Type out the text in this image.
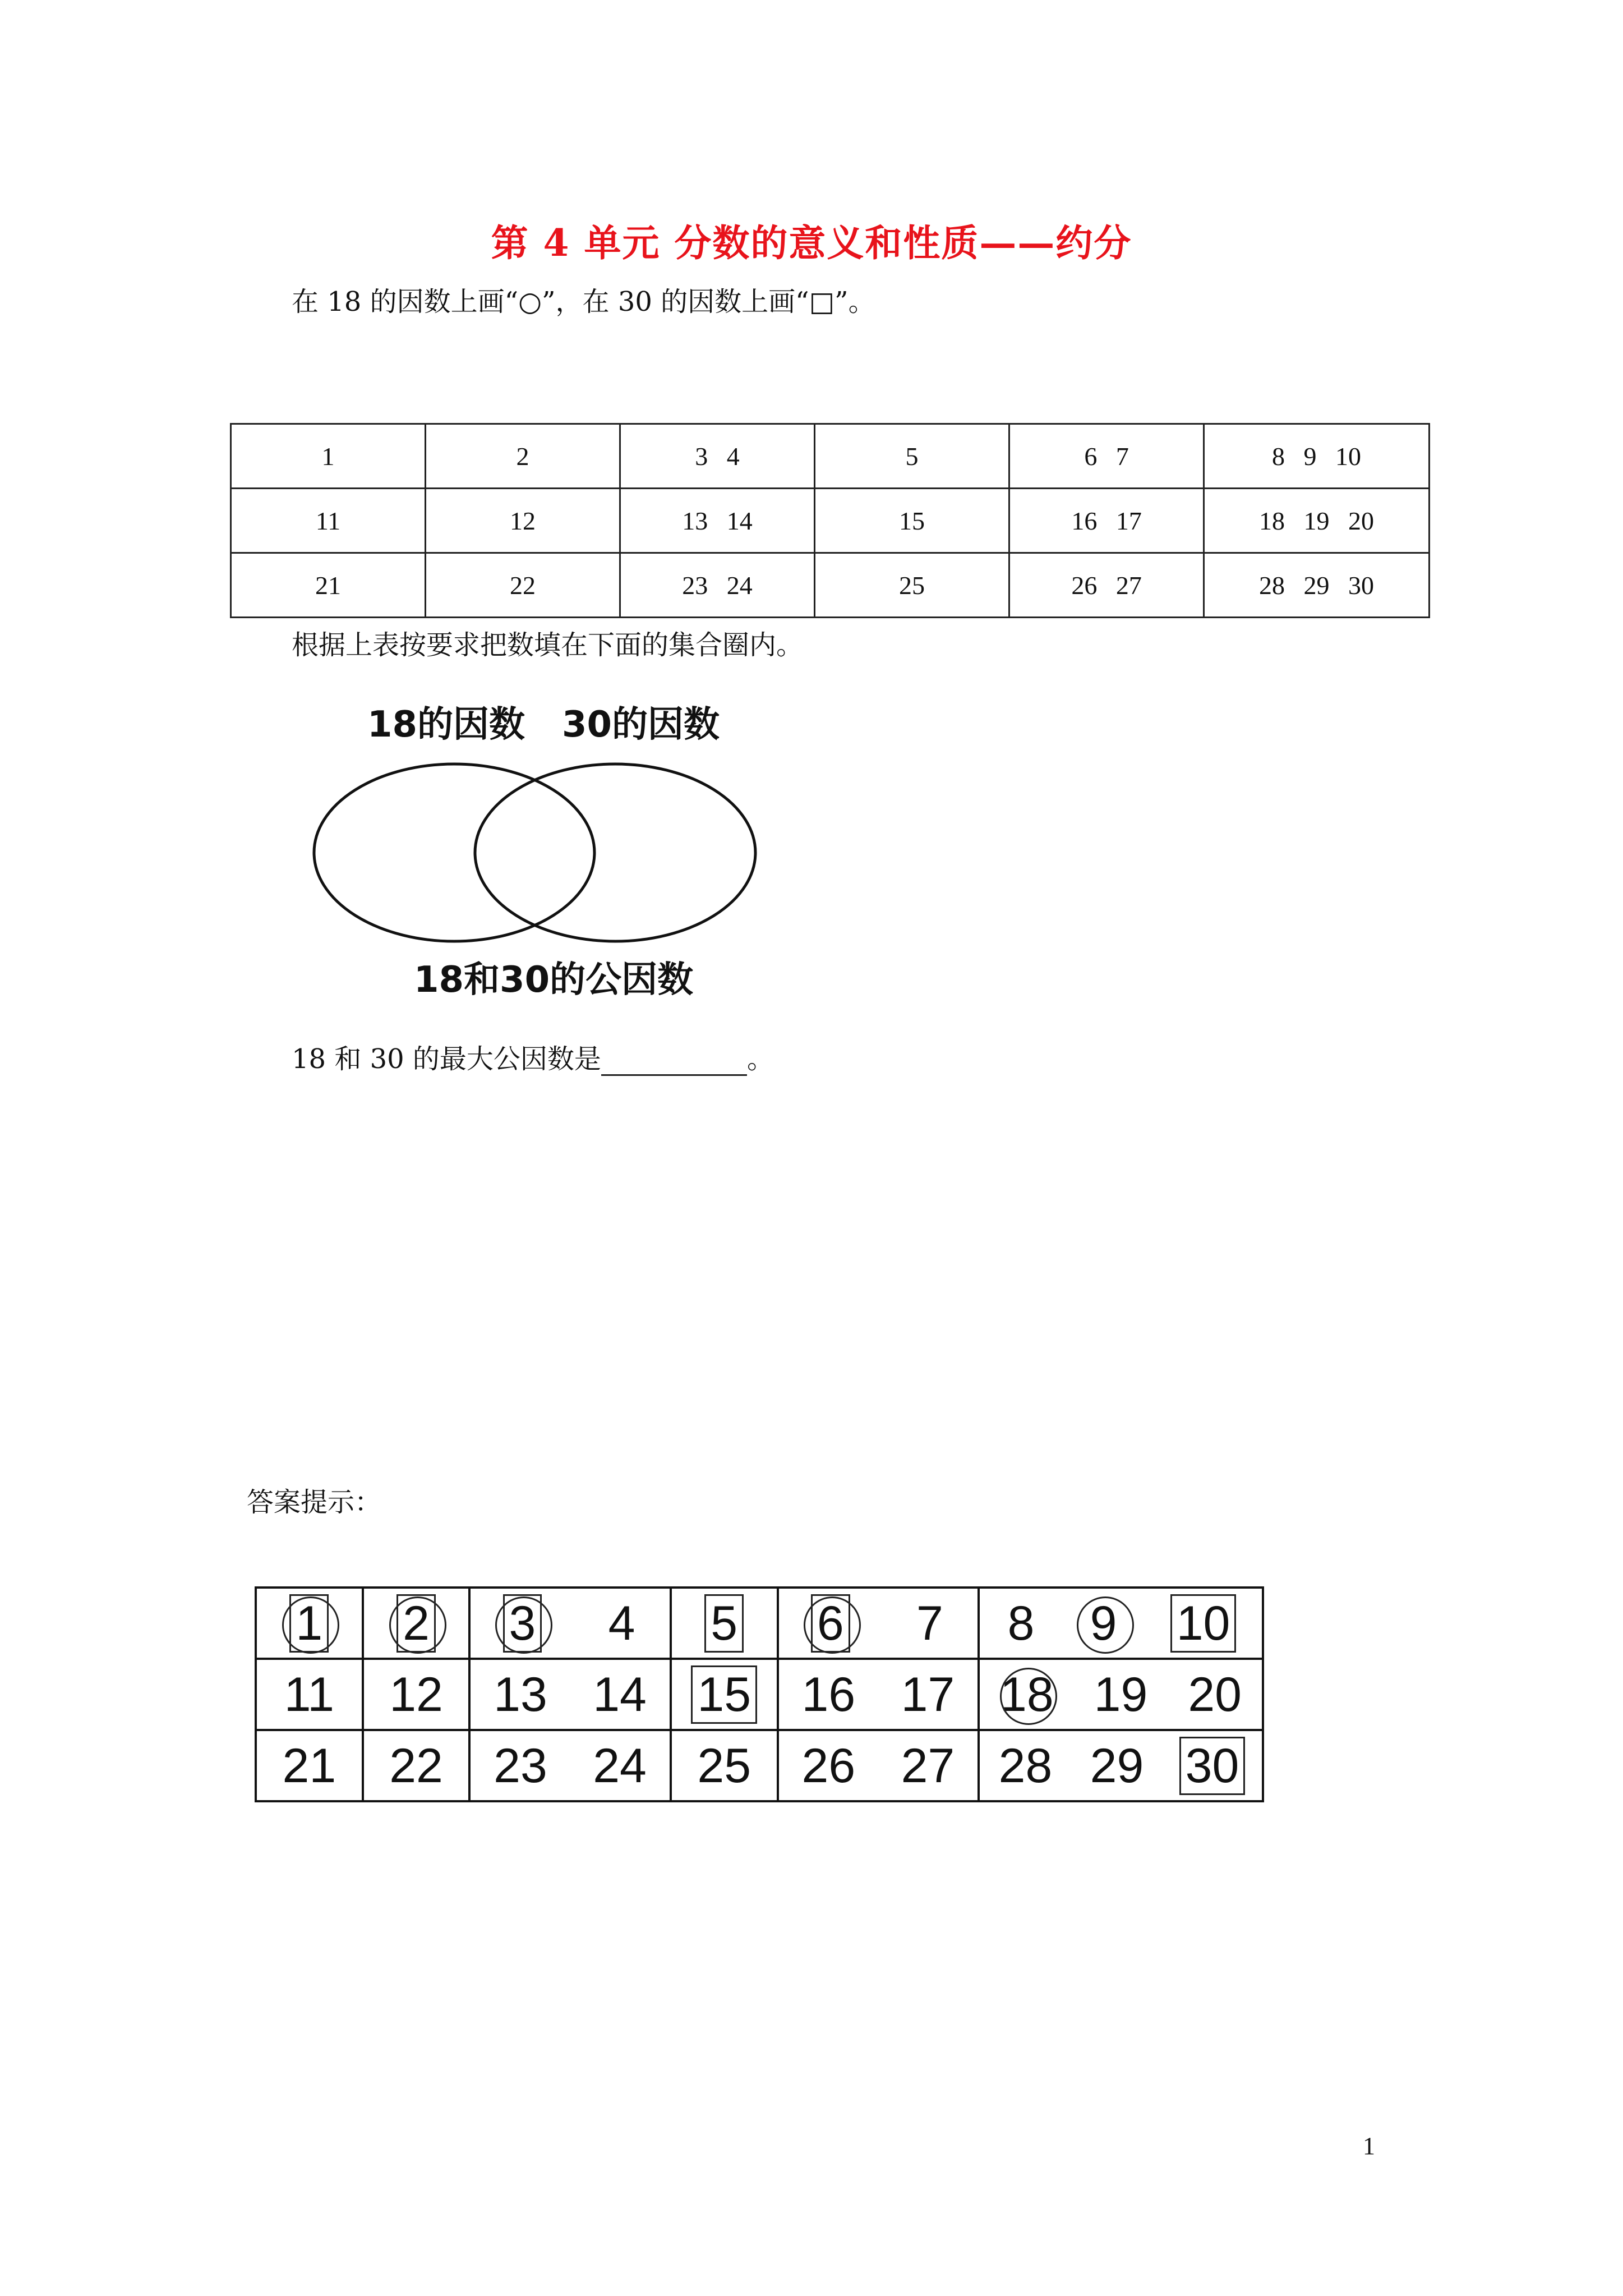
第 4 单元 分数的意义和性质——约分
在 18 的因数上画“○”，在 30 的因数上画“□”。
1	2	3 4	5	6 7	8 9 10
11	12	13 14	15	16 17	18 19 20
21	22	23 24	25	26 27	28 29 30
根据上表按要求把数填在下面的集合圈内。
18的因数 30的因数
18和30的公因数
18 和 30 的最大公因数是	。
答案提示：
1	2	3 4	5	6 7	8 9 10

11	12	13 14	15	16 17	18 19 20

21	22	23 24	25	26 27	28 29 30
1
